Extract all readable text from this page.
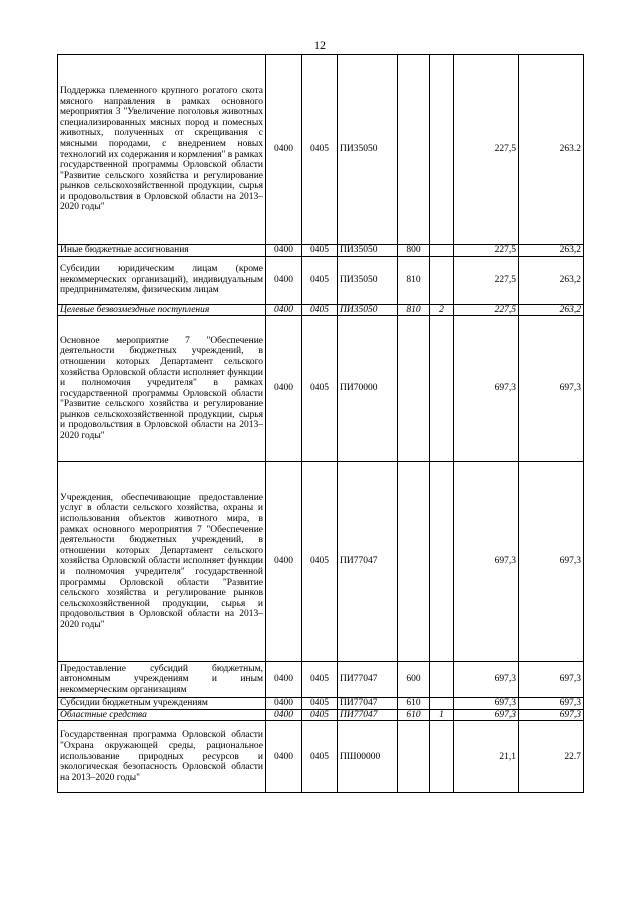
12
Поддержка племенного крупного рогатого скота мясного направления в рамках основного мероприятия 3 "Увеличение поголовья животных специализированных мясных пород и помесных животных, полученных от скрещивания с мясными породами, с внедрением новых технологий их содержания и кормления" в рамках государственной программы Орловской области "Развитие сельского хозяйства и регулирование рынков сельскохозяйственной продукции, сырья и продовольствия в Орловской области на 2013–2020 годы"	0400	0405	ПИ35050			227,5	263.2
Иные бюджетные ассигнования	0400	0405	ПИ35050	800		227,5	263,2
Субсидии юридическим лицам (кроме некоммерческих организаций), индивидуальным предпринимателям, физическим лицам	0400	0405	ПИ35050	810		227,5	263,2
Целевые безвозмездные поступления	0400	0405	ПИ35050	810	2	227,5	263,2
Основное мероприятие 7 "Обеспечение деятельности бюджетных учреждений, в отношении которых Департамент сельского хозяйства Орловской области исполняет функции и полномочия учредителя" в рамках государственной программы Орловской области "Развитие сельского хозяйства и регулирование рынков сельскохозяйственной продукции, сырья и продовольствия в Орловской области на 2013–2020 годы"	0400	0405	ПИ70000			697,3	697,3
Учреждения, обеспечивающие предоставление услуг в области сельского хозяйства, охраны и использования объектов животного мира, в рамках основного мероприятия 7 "Обеспечение деятельности бюджетных учреждений, в отношении которых Департамент сельского хозяйства Орловской области исполняет функции и полномочия учредителя" государственной программы Орловской области "Развитие сельского хозяйства и регулирование рынков сельскохозяйственной продукции, сырья и продовольствия в Орловской области на 2013–2020 годы"	0400	0405	ПИ77047			697,3	697,3
Предоставление субсидий бюджетным, автономным учреждениям и иным некоммерческим организациям	0400	0405	ПИ77047	600		697,3	697,3
Субсидии бюджетным учреждениям	0400	0405	ПИ77047	610		697,3	697,3
Областные средства	0400	0405	ПИ77047	610	1	697,3	697,3
Государственная программа Орловской области "Охрана окружающей среды, рациональное использование природных ресурсов и экологическая безопасность Орловской области на 2013–2020 годы"	0400	0405	ПШ00000			21,1	22.7
